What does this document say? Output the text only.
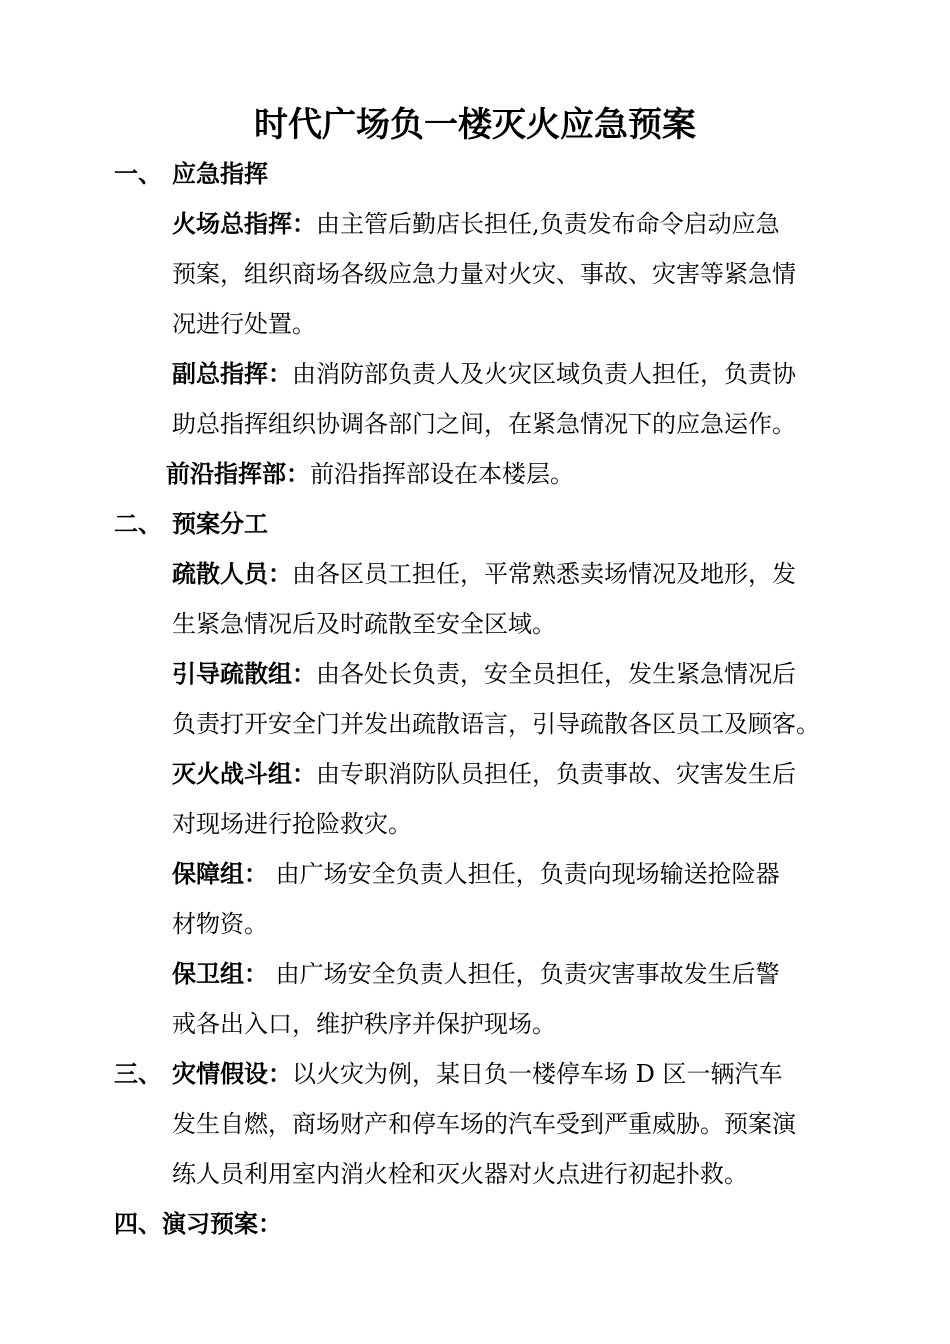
时代广场负一楼灭火应急预案
一、 应急指挥
火场总指挥：由主管后勤店长担任,负责发布命令启动应急
预案，组织商场各级应急力量对火灾、事故、灾害等紧急情
况进行处置。
副总指挥：由消防部负责人及火灾区域负责人担任，负责协
助总指挥组织协调各部门之间，在紧急情况下的应急运作。
前沿指挥部：前沿指挥部设在本楼层。
二、 预案分工
疏散人员：由各区员工担任，平常熟悉卖场情况及地形，发
生紧急情况后及时疏散至安全区域。
引导疏散组：由各处长负责，安全员担任，发生紧急情况后
负责打开安全门并发出疏散语言，引导疏散各区员工及顾客。
灭火战斗组：由专职消防队员担任，负责事故、灾害发生后
对现场进行抢险救灾。
保障组： 由广场安全负责人担任，负责向现场输送抢险器
材物资。
保卫组： 由广场安全负责人担任，负责灾害事故发生后警
戒各出入口，维护秩序并保护现场。
三、 灾情假设：以火灾为例，某日负一楼停车场 D 区一辆汽车
发生自燃，商场财产和停车场的汽车受到严重威胁。预案演
练人员利用室内消火栓和灭火器对火点进行初起扑救。
四、演习预案：
